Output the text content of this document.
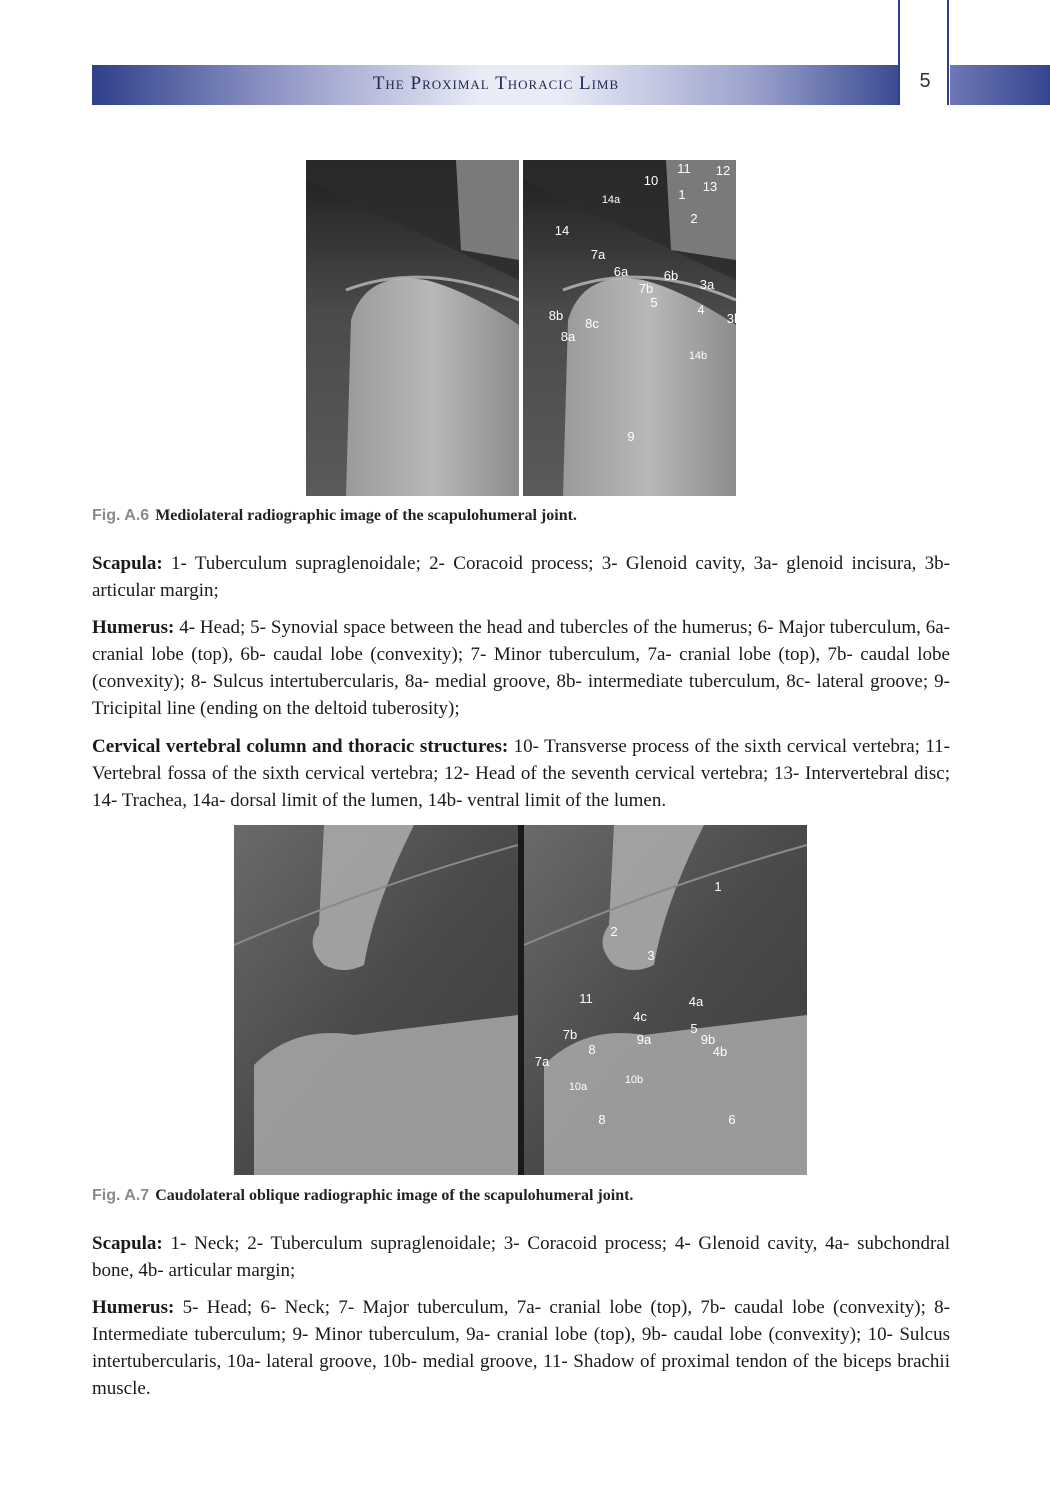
The Proximal Thoracic Limb	5
10
11 12
13
1
14a
2
14
7a
6a	6b
3a
7b
5	4
8b
8c	3b
8a
14b
9
Fig. A.6 Mediolateral radiographic image of the scapulohumeral joint.
Scapula: 1- Tuberculum supraglenoidale; 2- Coracoid process; 3- Glenoid cavity, 3a- glenoid incisura, 3b- articular margin;
Humerus: 4- Head; 5- Synovial space between the head and tubercles of the humerus; 6- Major tuberculum, 6a- cranial lobe (top), 6b- caudal lobe (convexity); 7- Minor tuberculum, 7a- cranial lobe (top), 7b- caudal lobe (convexity); 8- Sulcus intertubercularis, 8a- medial groove, 8b- intermediate tuberculum, 8c- lateral groove; 9- Tricipital line (ending on the deltoid tuberosity);
Cervical vertebral column and thoracic structures: 10- Transverse process of the sixth cervical vertebra; 11- Vertebral fossa of the sixth cervical vertebra; 12- Head of the seventh cervical vertebra; 13- Intervertebral disc; 14- Trachea, 14a- dorsal limit of the lumen, 14b- ventral limit of the lumen.
1
2
3
11	4a
4c
5
7b
8
9a	9b
4b
7a
10b
10a
8	6
Fig. A.7 Caudolateral oblique radiographic image of the scapulohumeral joint.
Scapula: 1- Neck; 2- Tuberculum supraglenoidale; 3- Coracoid process; 4- Glenoid cavity, 4a- subchondral bone, 4b- articular margin;
Humerus: 5- Head; 6- Neck; 7- Major tuberculum, 7a- cranial lobe (top), 7b- caudal lobe (convexity); 8- Intermediate tuberculum; 9- Minor tuberculum, 9a- cranial lobe (top), 9b- caudal lobe (convexity); 10- Sulcus intertubercularis, 10a- lateral groove, 10b- medial groove, 11- Shadow of proximal tendon of the biceps brachii muscle.
